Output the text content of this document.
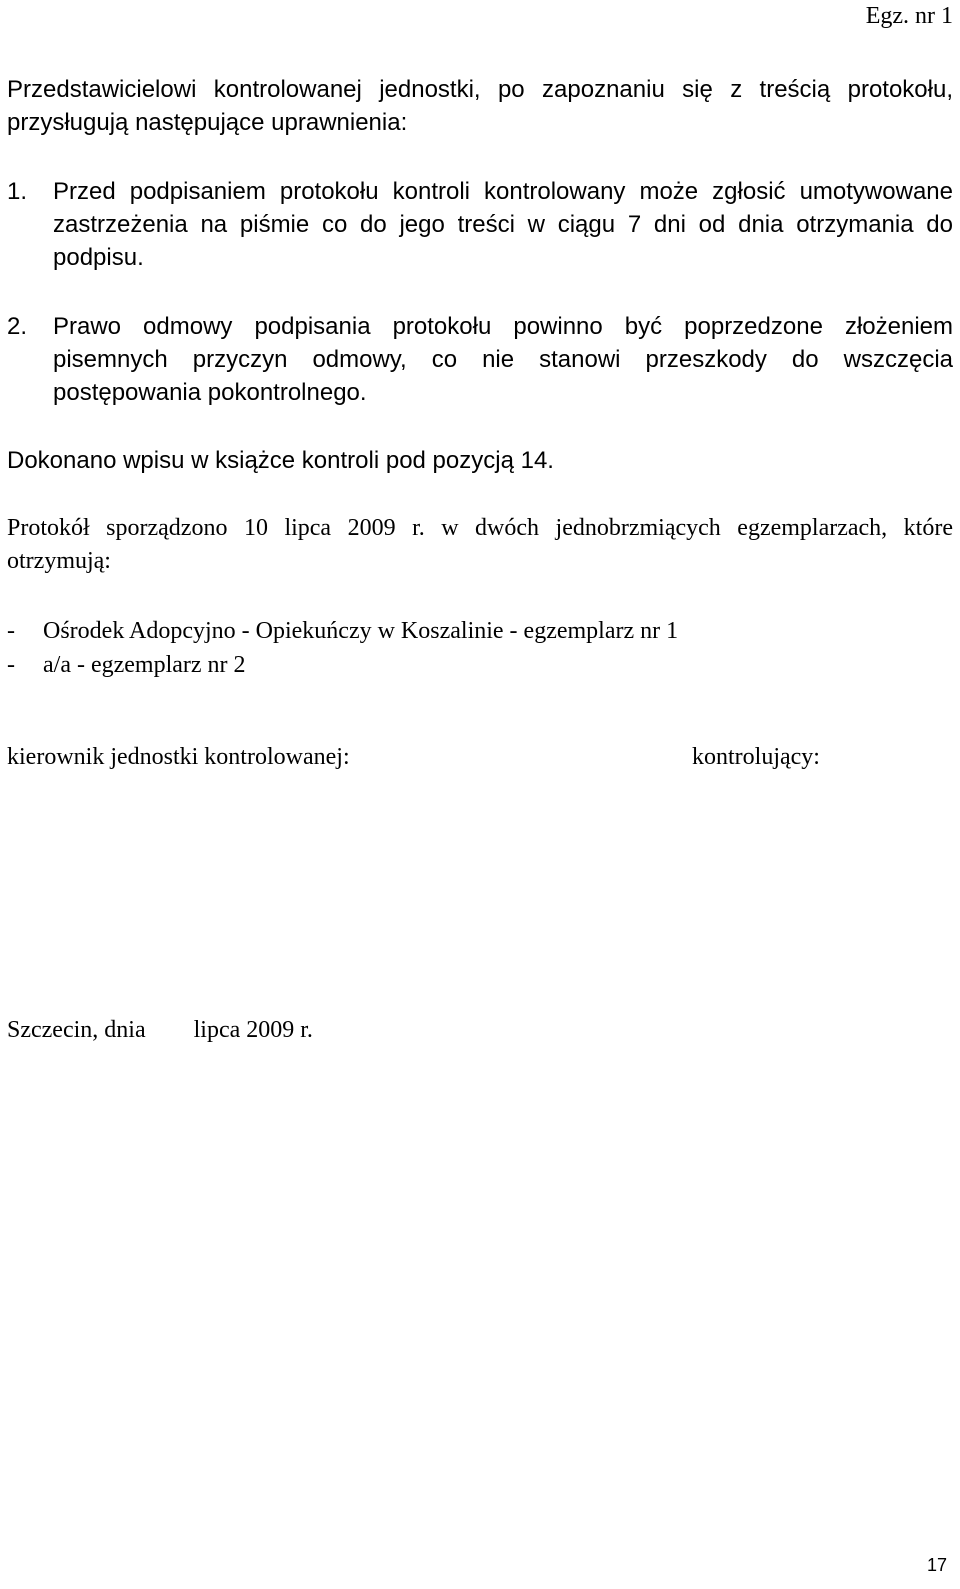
Egz. nr 1
Przedstawicielowi kontrolowanej jednostki, po zapoznaniu się z treścią protokołu, przysługują następujące uprawnienia:
1.	Przed podpisaniem protokołu kontroli kontrolowany może zgłosić umotywowane zastrzeżenia na piśmie co do jego treści w ciągu 7 dni od dnia otrzymania do podpisu.
2.	Prawo odmowy podpisania protokołu powinno być poprzedzone złożeniem pisemnych przyczyn odmowy, co nie stanowi przeszkody do wszczęcia postępowania pokontrolnego.
Dokonano wpisu w książce kontroli pod pozycją 14.
Protokół sporządzono 10 lipca 2009 r. w dwóch jednobrzmiących egzemplarzach, które otrzymują:
-	Ośrodek Adopcyjno - Opiekuńczy w Koszalinie - egzemplarz nr 1
-	a/a - egzemplarz nr 2
kierownik jednostki kontrolowanej:	kontrolujący:
Szczecin, dnia lipca 2009 r.
17
